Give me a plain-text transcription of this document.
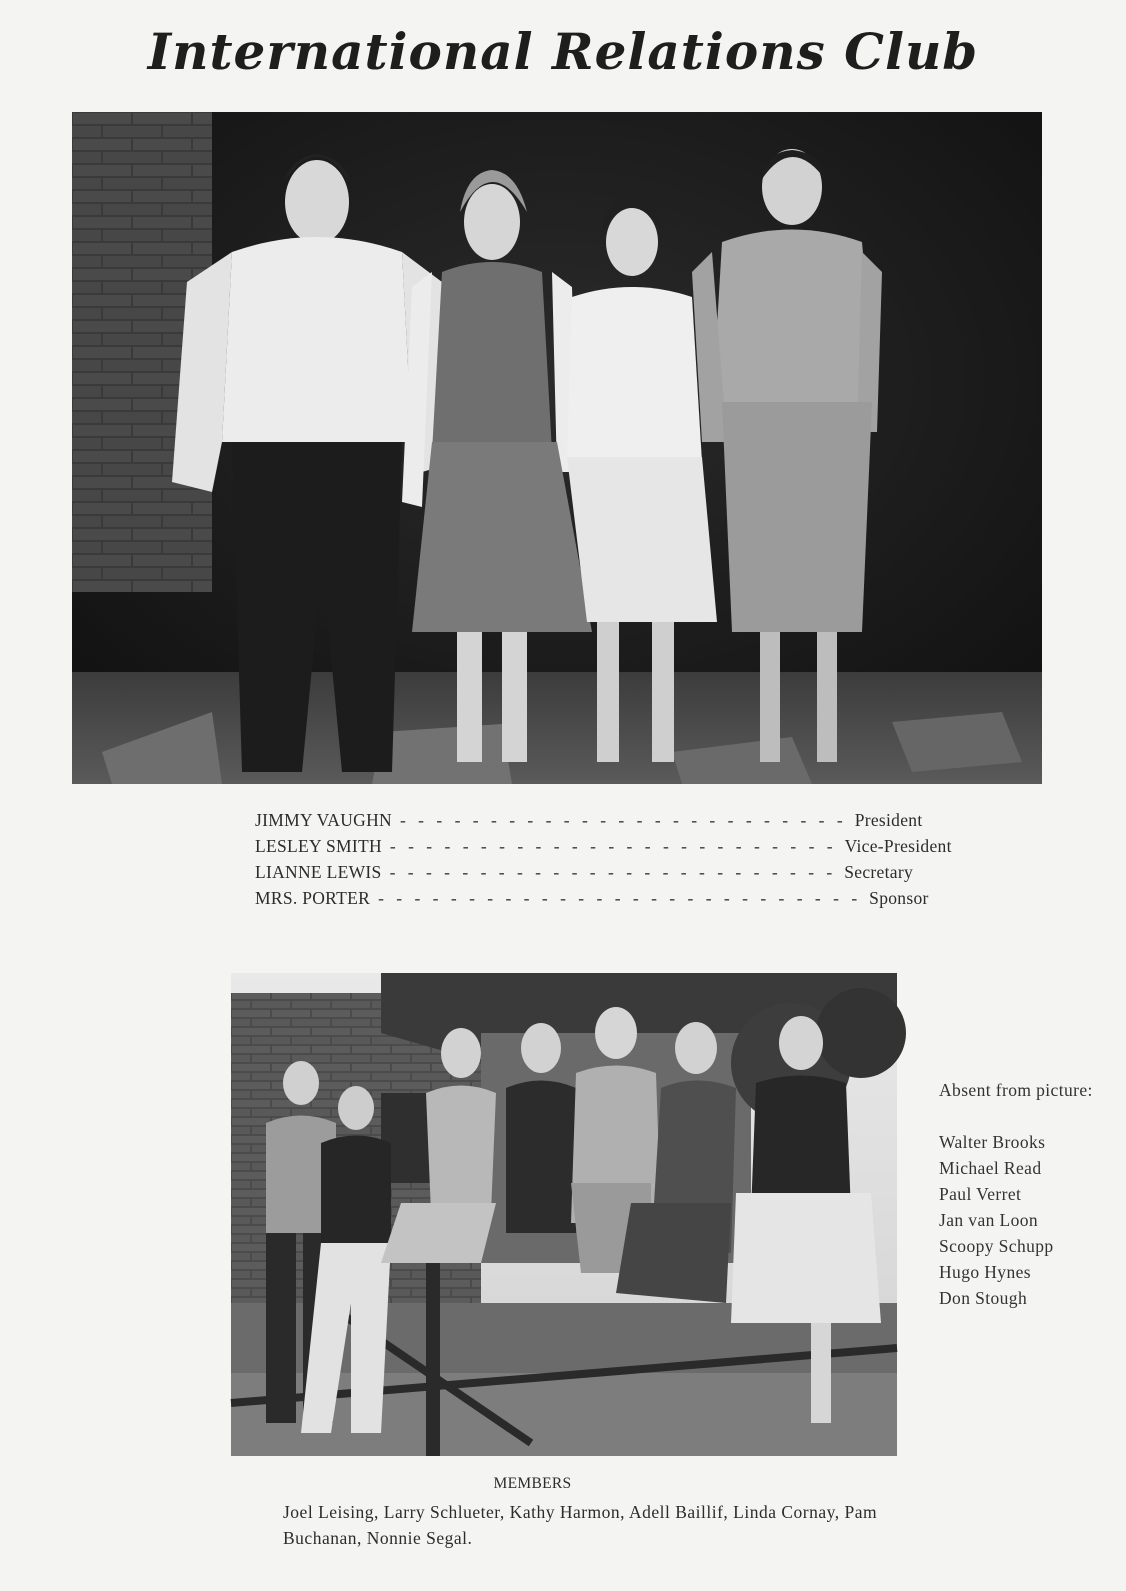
International Relations Club
JIMMY VAUGHN - - - - - - - - - - - - - - - - - - - - - - - - - President
LESLEY SMITH - - - - - - - - - - - - - - - - - - - - - - - - - Vice-President
LIANNE LEWIS - - - - - - - - - - - - - - - - - - - - - - - - - Secretary
MRS. PORTER - - - - - - - - - - - - - - - - - - - - - - - - - - - Sponsor
Absent from picture:
Walter Brooks
Michael Read
Paul Verret
Jan van Loon
Scoopy Schupp
Hugo Hynes
Don Stough
MEMBERS
Joel Leising, Larry Schlueter, Kathy Harmon, Adell Baillif, Linda Cornay, Pam Buchanan, Nonnie Segal.
